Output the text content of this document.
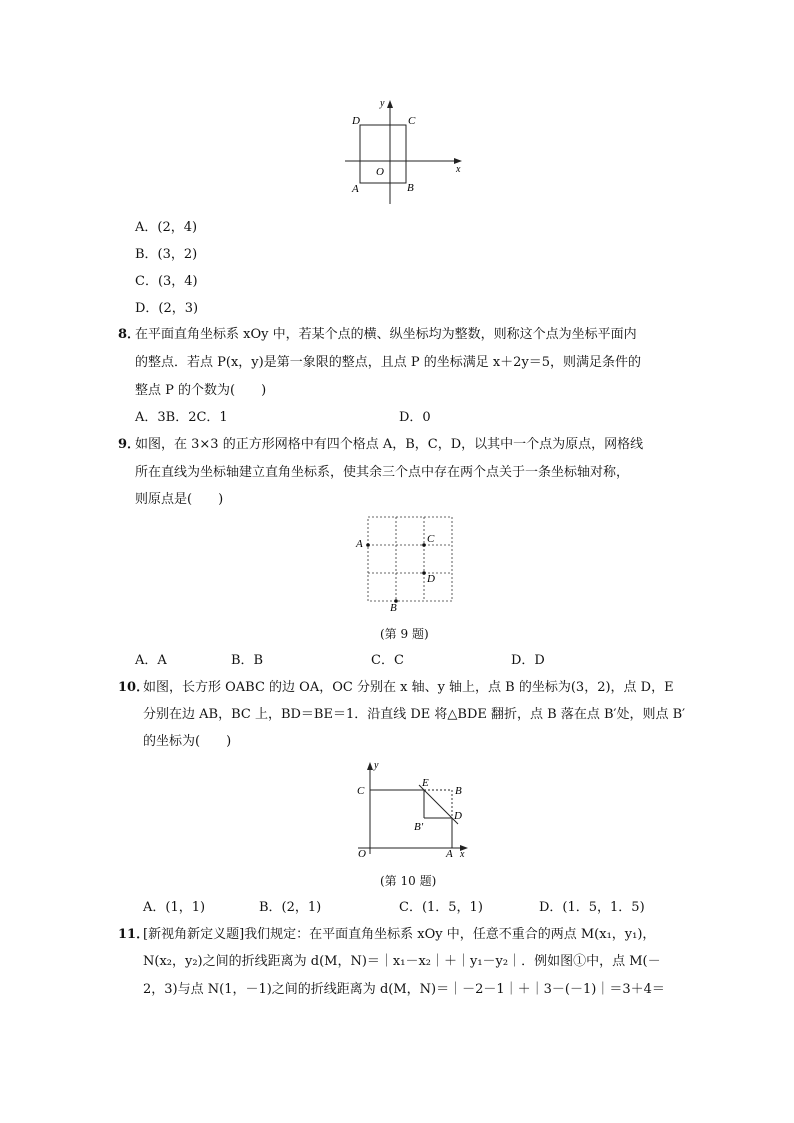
y
x
D	C
O
A	B
A．(2，4)
B．(3，2)
C．(3，4)
D．(2，3)
8．
在平面直角坐标系 xOy 中，若某个点的横、纵坐标均为整数，则称这个点为坐标平面内
的整点．若点 P(x，y)是第一象限的整点，且点 P 的坐标满足 x＋2y＝5，则满足条件的
整点 P 的个数为(　　)
A．3B．2C．1	D．0
9．
如图，在 3×3 的正方形网格中有四个格点 A，B，C，D，以其中一个点为原点，网格线
所在直线为坐标轴建立直角坐标系，使其余三个点中存在两个点关于一条坐标轴对称，
则原点是(　　)
A	C
D
B
(第 9 题)
A．A	B．B	C．C	D．D
10．
如图，长方形 OABC 的边 OA，OC 分别在 x 轴、y 轴上，点 B 的坐标为(3，2)，点 D，E
分别在边 AB，BC 上，BD＝BE＝1．沿直线 DE 将△BDE 翻折，点 B 落在点 B′处，则点 B′
的坐标为(　　)
y
C
E
B
B′
D
O	A x
(第 10 题)
A．(1，1)	B．(2，1)	C．(1．5，1)	D．(1．5，1．5)
11．
[新视角新定义题]我们规定：在平面直角坐标系 xOy 中，任意不重合的两点 M(x₁，y₁)，
N(x₂，y₂)之间的折线距离为 d(M，N)＝｜x₁－x₂｜＋｜y₁－y₂｜．例如图①中，点 M(－
2，3)与点 N(1，－1)之间的折线距离为 d(M，N)＝｜－2－1｜＋｜3－(－1)｜＝3＋4＝
